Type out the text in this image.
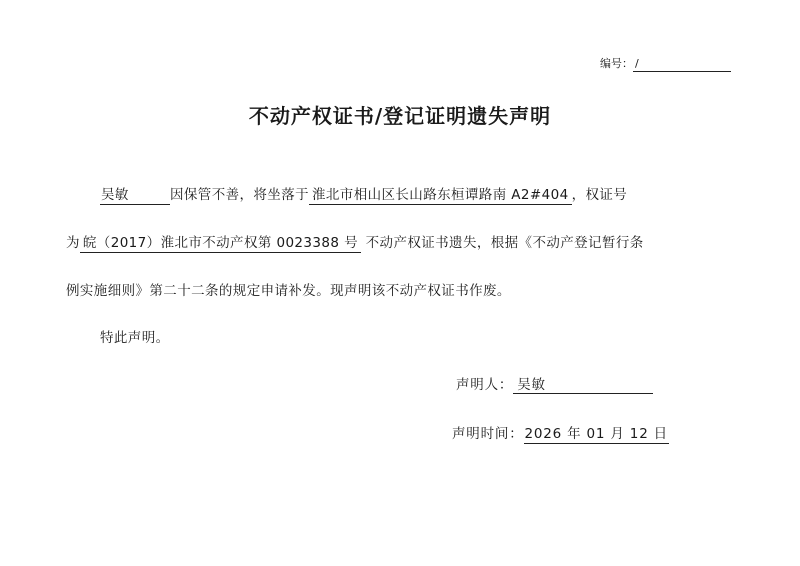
编号： /
不动产权证书/登记证明遗失声明
吴敏	因保管不善，将坐落于 淮北市相山区长山路东桓谭路南 A2#404 ，权证号
为 皖（2017）淮北市不动产权第 0023388 号 不动产权证书遗失，根据《不动产登记暂行条
例实施细则》第二十二条的规定申请补发。现声明该不动产权证书作废。
特此声明。
声明人： 吴敏
声明时间：2026 年 01 月 12 日
